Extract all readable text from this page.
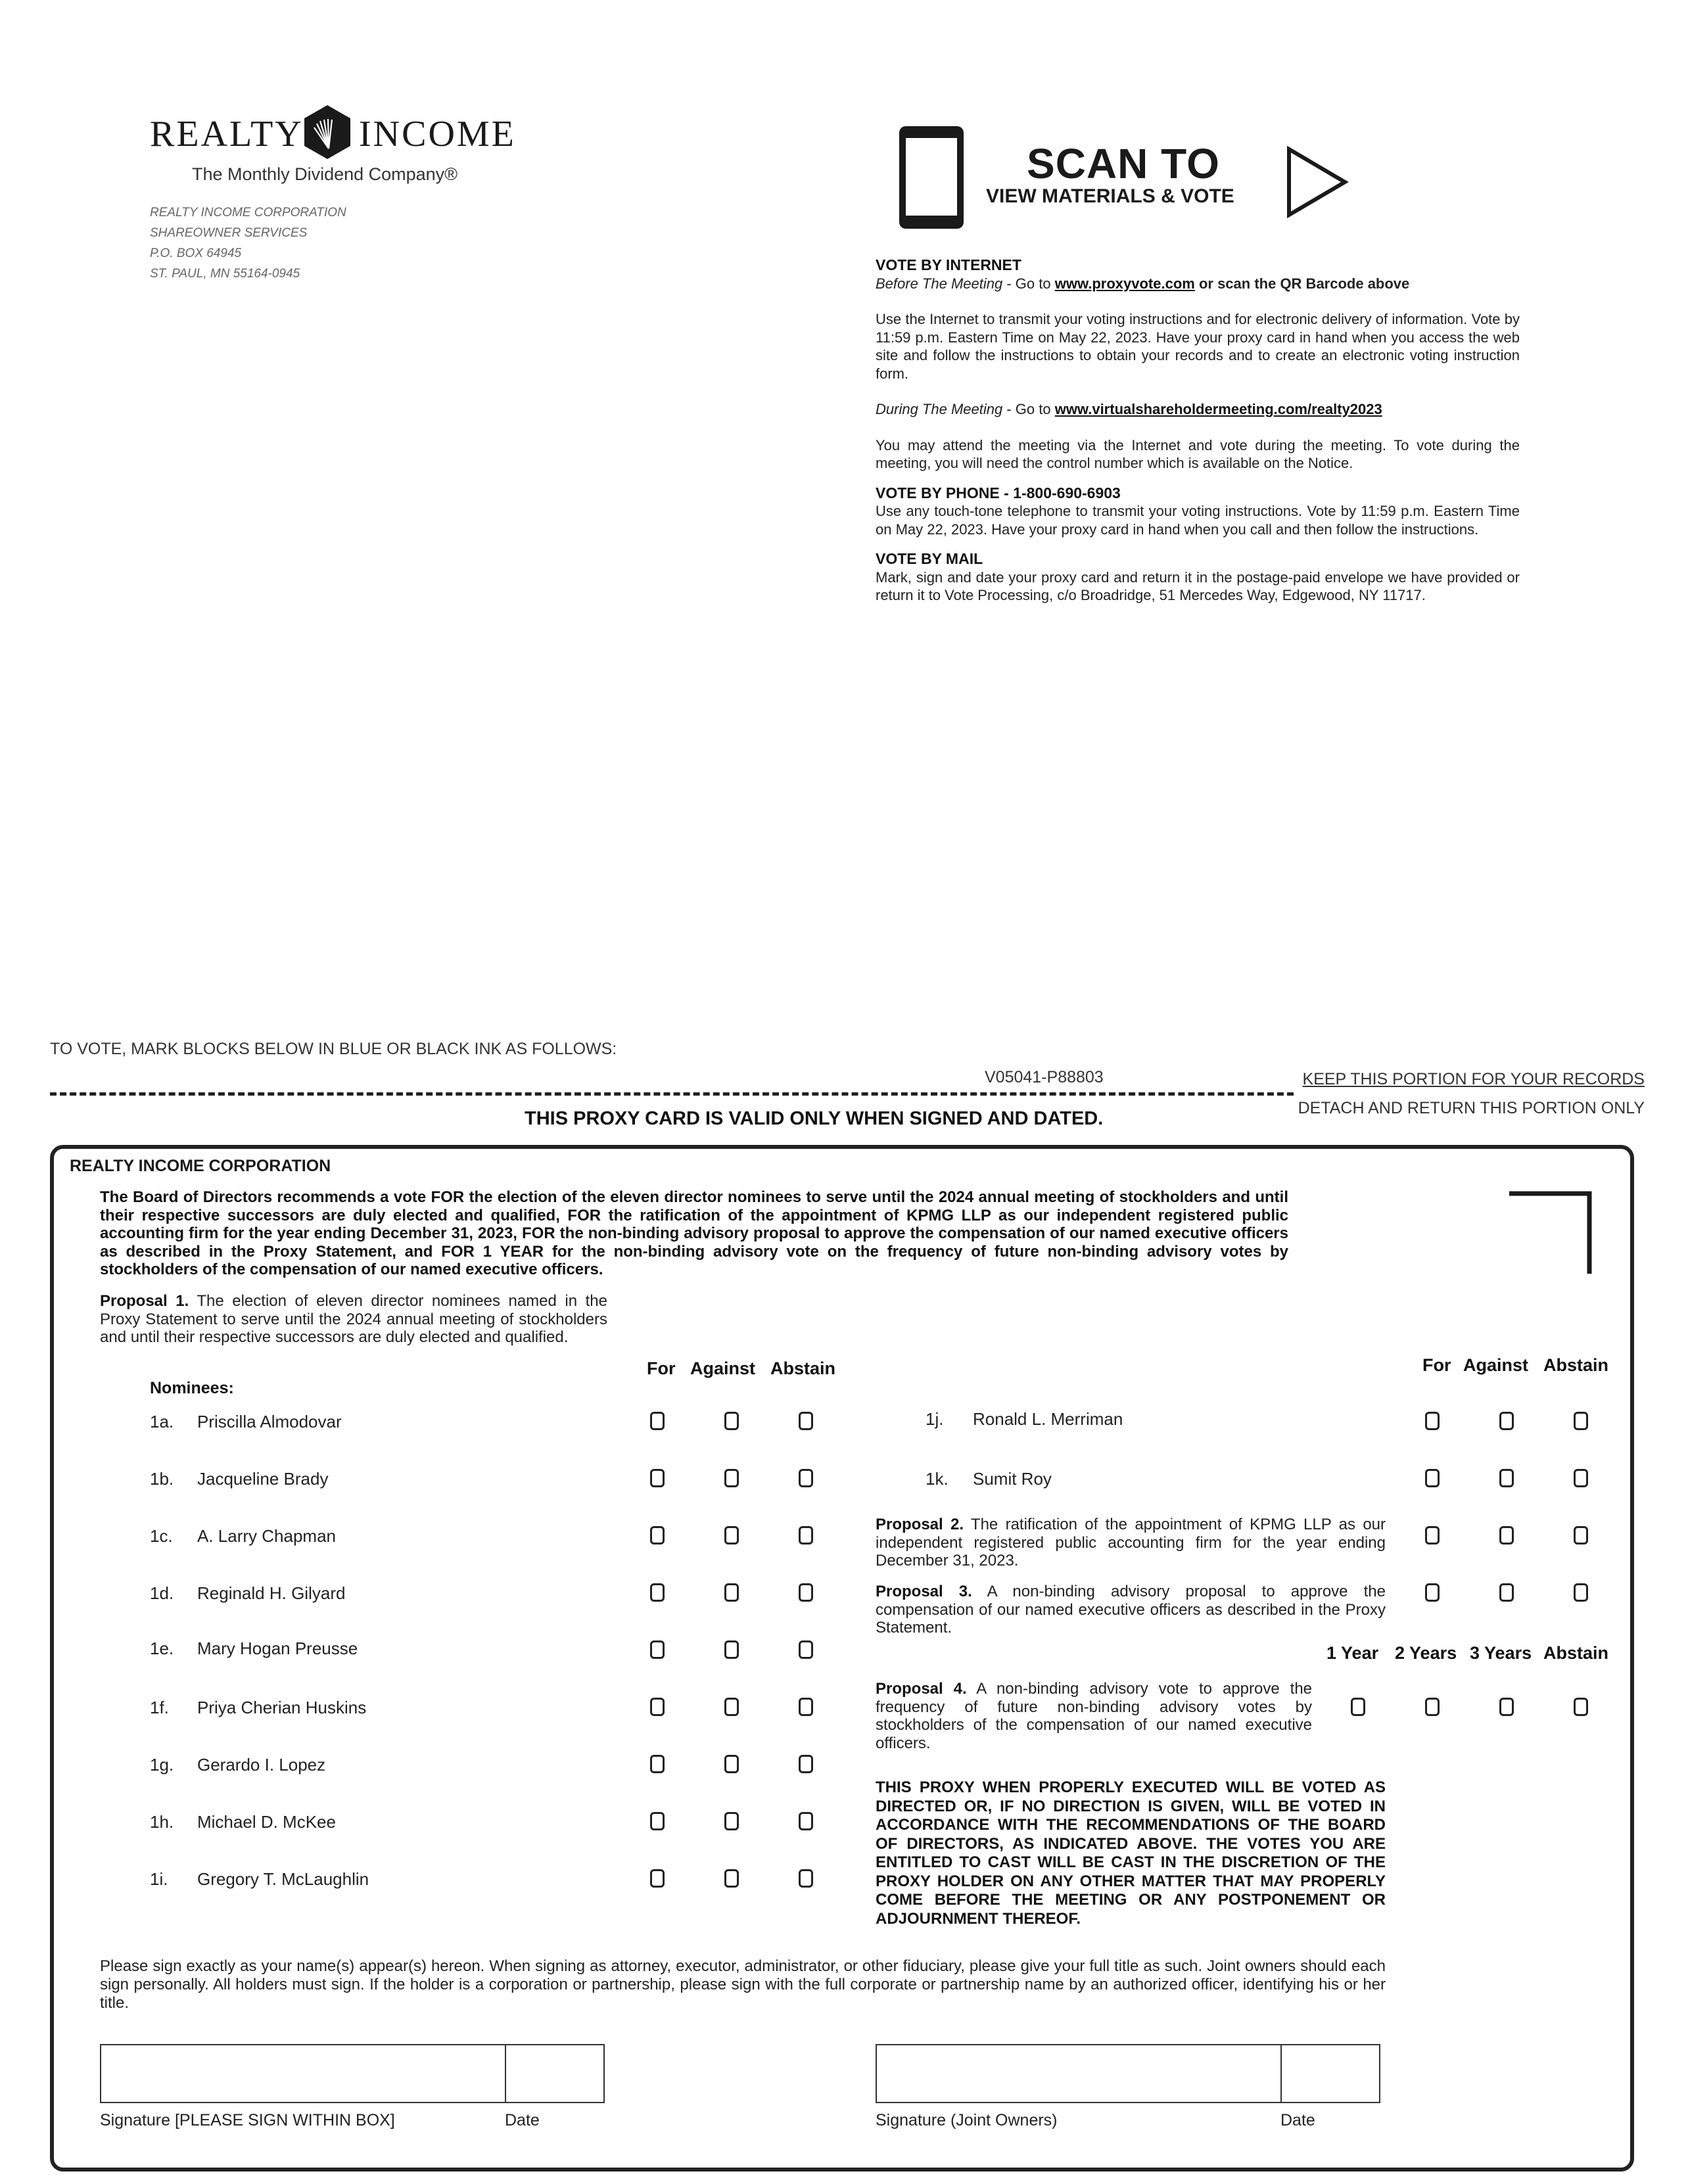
REALTY INCOME
The Monthly Dividend Company®
REALTY INCOME CORPORATION
SHAREOWNER SERVICES
P.O. BOX 64945
ST. PAUL, MN 55164-0945
SCAN TO
VIEW MATERIALS & VOTE
VOTE BY INTERNET
Before The Meeting - Go to www.proxyvote.com or scan the QR Barcode above
Use the Internet to transmit your voting instructions and for electronic delivery of information. Vote by 11:59 p.m. Eastern Time on May 22, 2023. Have your proxy card in hand when you access the web site and follow the instructions to obtain your records and to create an electronic voting instruction form.
During The Meeting - Go to www.virtualshareholdermeeting.com/realty2023
You may attend the meeting via the Internet and vote during the meeting. To vote during the meeting, you will need the control number which is available on the Notice.
VOTE BY PHONE - 1-800-690-6903
Use any touch-tone telephone to transmit your voting instructions. Vote by 11:59 p.m. Eastern Time on May 22, 2023. Have your proxy card in hand when you call and then follow the instructions.
VOTE BY MAIL
Mark, sign and date your proxy card and return it in the postage-paid envelope we have provided or return it to Vote Processing, c/o Broadridge, 51 Mercedes Way, Edgewood, NY 11717.
TO VOTE, MARK BLOCKS BELOW IN BLUE OR BLACK INK AS FOLLOWS:
V05041-P88803	KEEP THIS PORTION FOR YOUR RECORDS
THIS PROXY CARD IS VALID ONLY WHEN SIGNED AND DATED.	DETACH AND RETURN THIS PORTION ONLY
REALTY INCOME CORPORATION
The Board of Directors recommends a vote FOR the election of the eleven director nominees to serve until the 2024 annual meeting of stockholders and until their respective successors are duly elected and qualified, FOR the ratification of the appointment of KPMG LLP as our independent registered public accounting firm for the year ending December 31, 2023, FOR the non-binding advisory proposal to approve the compensation of our named executive officers as described in the Proxy Statement, and FOR 1 YEAR for the non-binding advisory vote on the frequency of future non-binding advisory votes by stockholders of the compensation of our named executive officers.
Proposal 1. The election of eleven director nominees named in the Proxy Statement to serve until the 2024 annual meeting of stockholders and until their respective successors are duly elected and qualified.
Nominees:
For Against Abstain	For Against Abstain
1a. Priscilla Almodovar
1b. Jacqueline Brady
1c. A. Larry Chapman
1d. Reginald H. Gilyard
1e. Mary Hogan Preusse
1f. Priya Cherian Huskins
1g. Gerardo I. Lopez
1h. Michael D. McKee
1i. Gregory T. McLaughlin
1j. Ronald L. Merriman
1k. Sumit Roy
Proposal 2. The ratification of the appointment of KPMG LLP as our independent registered public accounting firm for the year ending December 31, 2023.
Proposal 3. A non-binding advisory proposal to approve the compensation of our named executive officers as described in the Proxy Statement.
1 Year 2 Years 3 Years Abstain
Proposal 4. A non-binding advisory vote to approve the frequency of future non-binding advisory votes by stockholders of the compensation of our named executive officers.
THIS PROXY WHEN PROPERLY EXECUTED WILL BE VOTED AS DIRECTED OR, IF NO DIRECTION IS GIVEN, WILL BE VOTED IN ACCORDANCE WITH THE RECOMMENDATIONS OF THE BOARD OF DIRECTORS, AS INDICATED ABOVE. THE VOTES YOU ARE ENTITLED TO CAST WILL BE CAST IN THE DISCRETION OF THE PROXY HOLDER ON ANY OTHER MATTER THAT MAY PROPERLY COME BEFORE THE MEETING OR ANY POSTPONEMENT OR ADJOURNMENT THEREOF.
Please sign exactly as your name(s) appear(s) hereon. When signing as attorney, executor, administrator, or other fiduciary, please give your full title as such. Joint owners should each sign personally. All holders must sign. If the holder is a corporation or partnership, please sign with the full corporate or partnership name by an authorized officer, identifying his or her title.
Signature [PLEASE SIGN WITHIN BOX]	Date	Signature (Joint Owners)	Date
